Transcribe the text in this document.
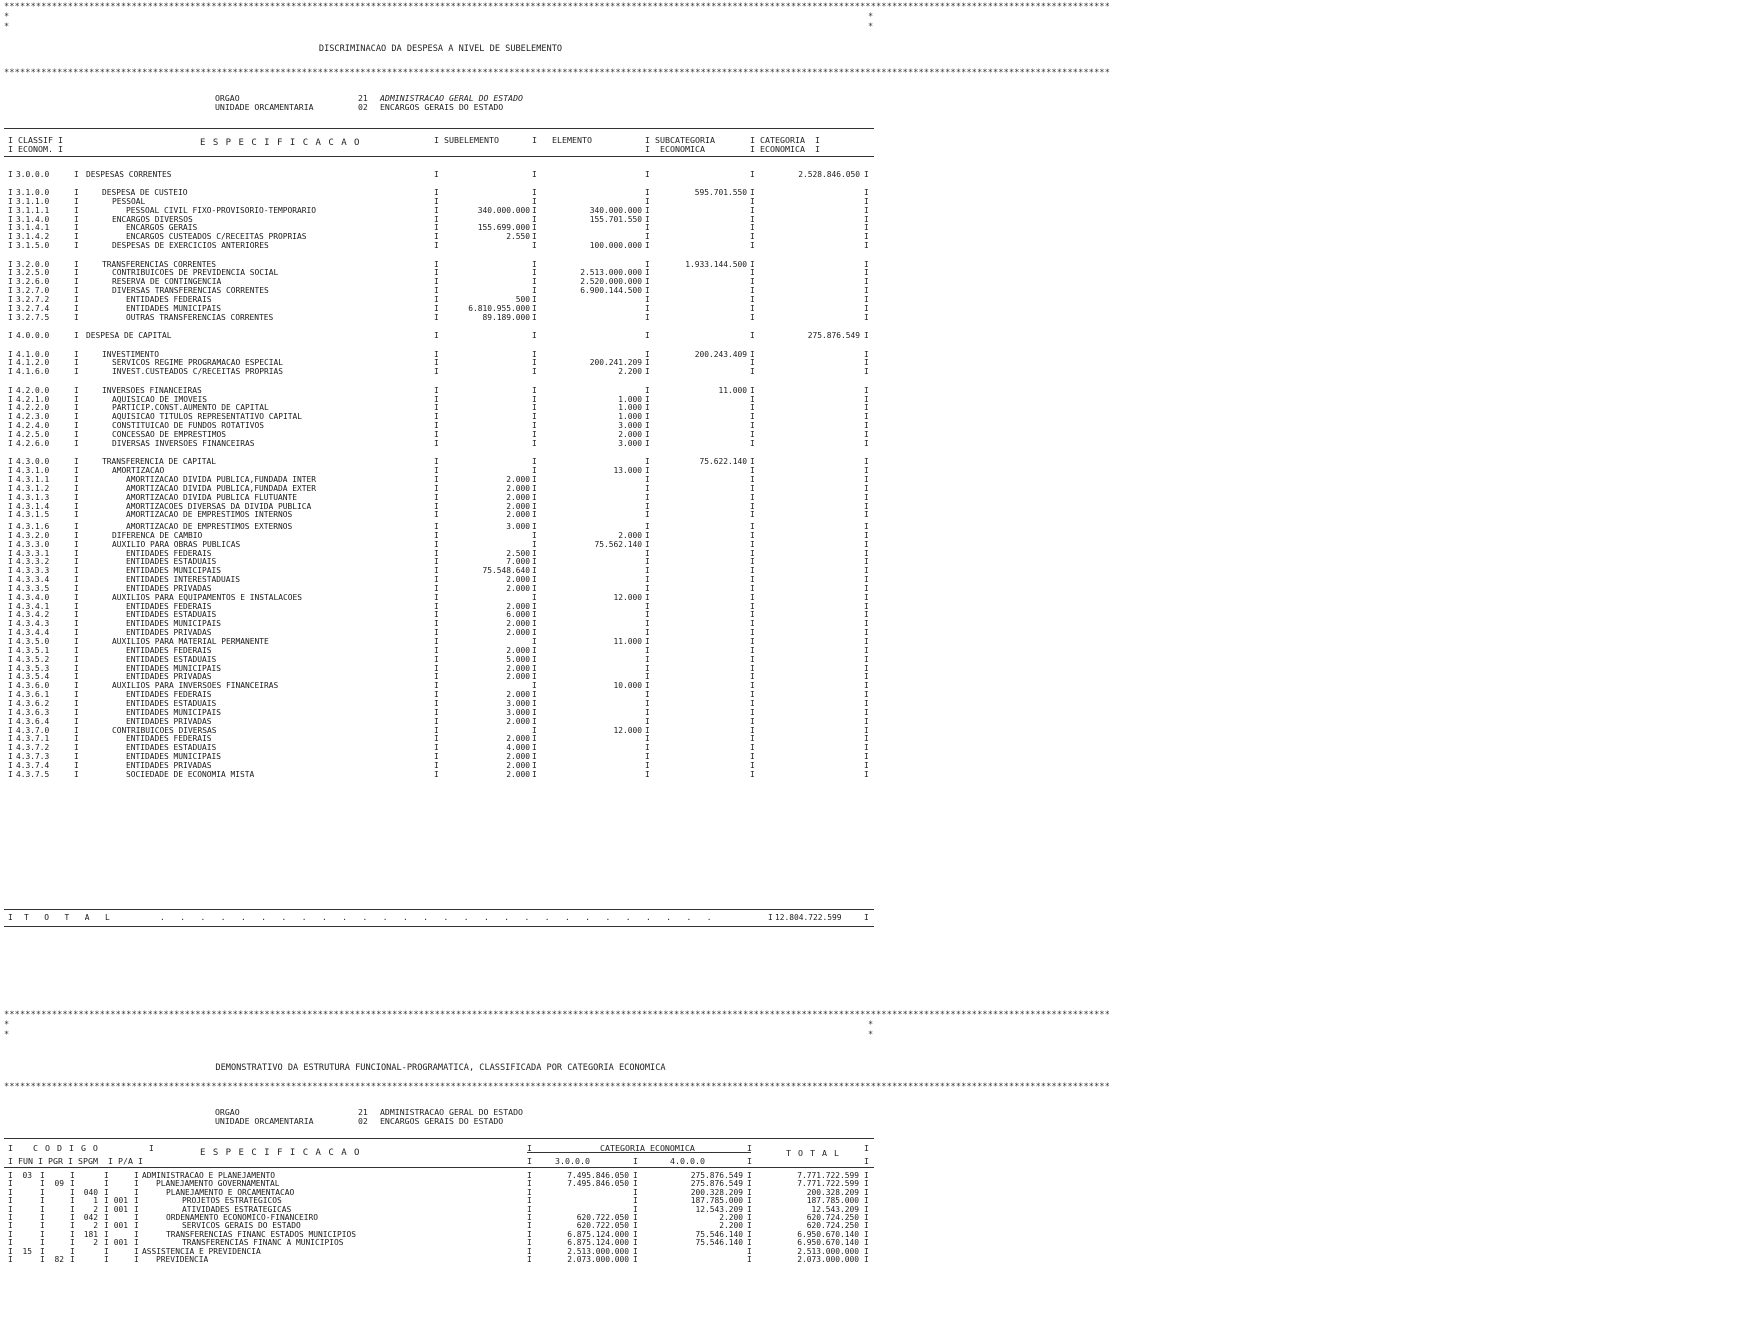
****************************************************************************************************************************************************************************************************************
*
*
*
*
DISCRIMINACAO DA DESPESA A NIVEL DE SUBELEMENTO
****************************************************************************************************************************************************************************************************************
ORGAO	21 ADMINISTRACAO GERAL DO ESTADO
UNIDADE ORCAMENTARIA	02 ENCARGOS GERAIS DO ESTADO
I CLASSIF I
I ECONOM. I
E S P E C I F I C A C A O	I SUBELEMENTO	I   ELEMENTO	I SUBCATEGORIA
I  ECONOMICA
I CATEGORIA  I
I ECONOMICA  I
I 3.0.0.0	I DESPESAS CORRENTES	I	I	I	I	2.528.846.050 I
I 3.1.0.0	I	DESPESA DE CUSTEIO	I	I	I	595.701.550 I	I
I 3.1.1.0	I	PESSOAL	I	I	I	I	I
I 3.1.1.1	I	PESSOAL CIVIL FIXO-PROVISORIO-TEMPORARIO	I	340.000.000 I	340.000.000 I	I	I
I 3.1.4.0	I	ENCARGOS DIVERSOS	I	I	155.701.550 I	I	I
I 3.1.4.1	I	ENCARGOS GERAIS	I	155.699.000 I	I	I	I
I 3.1.4.2	I	ENCARGOS CUSTEADOS C/RECEITAS PROPRIAS	I	2.550 I	I	I	I
I 3.1.5.0	I	DESPESAS DE EXERCICIOS ANTERIORES	I	I	100.000.000 I	I	I
I 3.2.0.0	I	TRANSFERENCIAS CORRENTES	I	I	I	1.933.144.500 I	I
I 3.2.5.0	I	CONTRIBUICOES DE PREVIDENCIA SOCIAL	I	I	2.513.000.000 I	I	I
I 3.2.6.0	I	RESERVA DE CONTINGENCIA	I	I	2.520.000.000 I	I	I
I 3.2.7.0	I	DIVERSAS TRANSFERENCIAS CORRENTES	I	I	6.900.144.500 I	I	I
I 3.2.7.2	I	ENTIDADES FEDERAIS	I	500 I	I	I	I
I 3.2.7.4	I	ENTIDADES MUNICIPAIS	I	6.810.955.000 I	I	I	I
I 3.2.7.5	I	OUTRAS TRANSFERENCIAS CORRENTES	I	89.189.000 I	I	I	I
I 4.0.0.0	I DESPESA DE CAPITAL	I	I	I	I	275.876.549 I
I 4.1.0.0	I	INVESTIMENTO	I	I	I	200.243.409 I	I
I 4.1.2.0	I	SERVICOS REGIME PROGRAMACAO ESPECIAL	I	I	200.241.209 I	I	I
I 4.1.6.0	I	INVEST.CUSTEADOS C/RECEITAS PROPRIAS	I	I	2.200 I	I	I
I 4.2.0.0	I	INVERSOES FINANCEIRAS	I	I	I	11.000 I	I
I 4.2.1.0	I	AQUISICAO DE IMOVEIS	I	I	1.000 I	I	I
I 4.2.2.0	I	PARTICIP.CONST.AUMENTO DE CAPITAL	I	I	1.000 I	I	I
I 4.2.3.0	I	AQUISICAO TITULOS REPRESENTATIVO CAPITAL	I	I	1.000 I	I	I
I 4.2.4.0	I	CONSTITUICAO DE FUNDOS ROTATIVOS	I	I	3.000 I	I	I
I 4.2.5.0	I	CONCESSAO DE EMPRESTIMOS	I	I	2.000 I	I	I
I 4.2.6.0	I	DIVERSAS INVERSOES FINANCEIRAS	I	I	3.000 I	I	I
I 4.3.0.0	I	TRANSFERENCIA DE CAPITAL	I	I	I	75.622.140 I	I
I 4.3.1.0	I	AMORTIZACAO	I	I	13.000 I	I	I
I 4.3.1.1	I	AMORTIZACAO DIVIDA PUBLICA,FUNDADA INTER	I	2.000 I	I	I	I
I 4.3.1.2	I	AMORTIZACAO DIVIDA PUBLICA,FUNDADA EXTER	I	2.000 I	I	I	I
I 4.3.1.3	I	AMORTIZACAO DIVIDA PUBLICA FLUTUANTE	I	2.000 I	I	I	I
I 4.3.1.4	I	AMORTIZACOES DIVERSAS DA DIVIDA PUBLICA	I	2.000 I	I	I	I
I 4.3.1.5	I	AMORTIZACAO DE EMPRESTIMOS INTERNOS	I	2.000 I	I	I	I
I 4.3.1.6	I	AMORTIZACAO DE EMPRESTIMOS EXTERNOS	I	3.000 I	I	I	I
I 4.3.2.0	I	DIFERENCA DE CAMBIO	I	I	2.000 I	I	I
I 4.3.3.0	I	AUXILIO PARA OBRAS PUBLICAS	I	I	75.562.140 I	I	I
I 4.3.3.1	I	ENTIDADES FEDERAIS	I	2.500 I	I	I	I
I 4.3.3.2	I	ENTIDADES ESTADUAIS	I	7.000 I	I	I	I
I 4.3.3.3	I	ENTIDADES MUNICIPAIS	I	75.548.640 I	I	I	I
I 4.3.3.4	I	ENTIDADES INTERESTADUAIS	I	2.000 I	I	I	I
I 4.3.3.5	I	ENTIDADES PRIVADAS	I	2.000 I	I	I	I
I 4.3.4.0	I	AUXILIOS PARA EQUIPAMENTOS E INSTALACOES	I	I	12.000 I	I	I
I 4.3.4.1	I	ENTIDADES FEDERAIS	I	2.000 I	I	I	I
I 4.3.4.2	I	ENTIDADES ESTADUAIS	I	6.000 I	I	I	I
I 4.3.4.3	I	ENTIDADES MUNICIPAIS	I	2.000 I	I	I	I
I 4.3.4.4	I	ENTIDADES PRIVADAS	I	2.000 I	I	I	I
I 4.3.5.0	I	AUXILIOS PARA MATERIAL PERMANENTE	I	I	11.000 I	I	I
I 4.3.5.1	I	ENTIDADES FEDERAIS	I	2.000 I	I	I	I
I 4.3.5.2	I	ENTIDADES ESTADUAIS	I	5.000 I	I	I	I
I 4.3.5.3	I	ENTIDADES MUNICIPAIS	I	2.000 I	I	I	I
I 4.3.5.4	I	ENTIDADES PRIVADAS	I	2.000 I	I	I	I
I 4.3.6.0	I	AUXILIOS PARA INVERSOES FINANCEIRAS	I	I	10.000 I	I	I
I 4.3.6.1	I	ENTIDADES FEDERAIS	I	2.000 I	I	I	I
I 4.3.6.2	I	ENTIDADES ESTADUAIS	I	3.000 I	I	I	I
I 4.3.6.3	I	ENTIDADES MUNICIPAIS	I	3.000 I	I	I	I
I 4.3.6.4	I	ENTIDADES PRIVADAS	I	2.000 I	I	I	I
I 4.3.7.0	I	CONTRIBUICOES DIVERSAS	I	I	12.000 I	I	I
I 4.3.7.1	I	ENTIDADES FEDERAIS	I	2.000 I	I	I	I
I 4.3.7.2	I	ENTIDADES ESTADUAIS	I	4.000 I	I	I	I
I 4.3.7.3	I	ENTIDADES MUNICIPAIS	I	2.000 I	I	I	I
I 4.3.7.4	I	ENTIDADES PRIVADAS	I	2.000 I	I	I	I
I 4.3.7.5	I	SOCIEDADE DE ECONOMIA MISTA	I	2.000 I	I	I	I
I T  O  T  A  L	.  .  .  .  .  .  .  .  .  .  .  .  .  .  .  .  .  .  .  .  .  .  .  .  .  .  .  .	12.804.722.599
I	I
****************************************************************************************************************************************************************************************************************
*
*
*
*
DEMONSTRATIVO DA ESTRUTURA FUNCIONAL-PROGRAMATICA, CLASSIFICADA POR CATEGORIA ECONOMICA
****************************************************************************************************************************************************************************************************************
ORGAO	21 ADMINISTRACAO GERAL DO ESTADO
UNIDADE ORCAMENTARIA	02 ENCARGOS GERAIS DO ESTADO
I    C O D I G O          I	E S P E C I F I C A C A O	I	CATEGORIA ECONOMICA	I	T O T A L	I
I FUN I PGR I SPGM  I P/A I	I	3.0.0.0	I	4.0.0.0	I	I
I	03 I	I	I	I ADMINISTRACAO E PLANEJAMENTO	I	7.495.846.050 I	275.876.549 I	7.771.722.599 I
I	I	09 I	I	I PLANEJAMENTO GOVERNAMENTAL	I	7.495.846.050 I	275.876.549 I	7.771.722.599 I
I	I	I	040 I	I	PLANEJAMENTO E ORCAMENTACAO	I	I	200.328.209 I	200.328.209 I
I	I	I	1 I 001 I	PROJETOS ESTRATEGICOS	I	I	187.785.000 I	187.785.000 I
I	I	I	2 I 001 I	ATIVIDADES ESTRATEGICAS	I	I	12.543.209 I	12.543.209 I
I	I	I	042 I	I	ORDENAMENTO ECONOMICO-FINANCEIRO	I	620.722.050 I	2.200 I	620.724.250 I
I	I	I	2 I 001 I	SERVICOS GERAIS DO ESTADO	I	620.722.050 I	2.200 I	620.724.250 I
I	I	I	181 I	I	TRANSFERENCIAS FINANC ESTADOS MUNICIPIOS	I	6.875.124.000 I	75.546.140 I	6.950.670.140 I
I	I	I	2 I 001 I	TRANSFERENCIAS FINANC A MUNICIPIOS	I	6.875.124.000 I	75.546.140 I	6.950.670.140 I
I	15 I	I	I	I ASSISTENCIA E PREVIDENCIA	I	2.513.000.000 I	I	2.513.000.000 I
I	I	82 I	I	I PREVIDENCIA	I	2.073.000.000 I	I	2.073.000.000 I
